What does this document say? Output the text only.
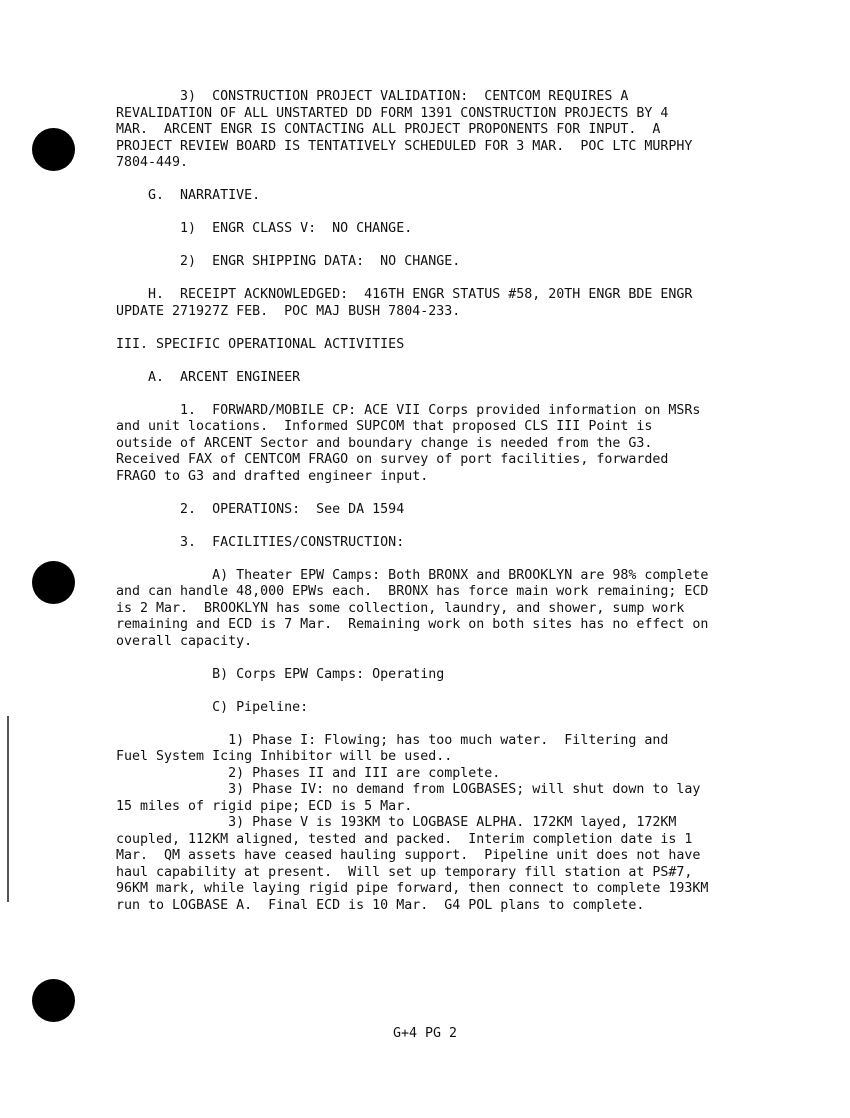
3)  CONSTRUCTION PROJECT VALIDATION:  CENTCOM REQUIRES A
REVALIDATION OF ALL UNSTARTED DD FORM 1391 CONSTRUCTION PROJECTS BY 4
MAR.  ARCENT ENGR IS CONTACTING ALL PROJECT PROPONENTS FOR INPUT.  A
PROJECT REVIEW BOARD IS TENTATIVELY SCHEDULED FOR 3 MAR.  POC LTC MURPHY
7804-449.
G.  NARRATIVE.
1)  ENGR CLASS V:  NO CHANGE.
2)  ENGR SHIPPING DATA:  NO CHANGE.
H.  RECEIPT ACKNOWLEDGED:  416TH ENGR STATUS #58, 20TH ENGR BDE ENGR
UPDATE 271927Z FEB.  POC MAJ BUSH 7804-233.
III. SPECIFIC OPERATIONAL ACTIVITIES
A.  ARCENT ENGINEER
1.  FORWARD/MOBILE CP: ACE VII Corps provided information on MSRs
and unit locations.  Informed SUPCOM that proposed CLS III Point is
outside of ARCENT Sector and boundary change is needed from the G3.
Received FAX of CENTCOM FRAGO on survey of port facilities, forwarded
FRAGO to G3 and drafted engineer input.
2.  OPERATIONS:  See DA 1594
3.  FACILITIES/CONSTRUCTION:
A) Theater EPW Camps: Both BRONX and BROOKLYN are 98% complete
and can handle 48,000 EPWs each.  BRONX has force main work remaining; ECD
is 2 Mar.  BROOKLYN has some collection, laundry, and shower, sump work
remaining and ECD is 7 Mar.  Remaining work on both sites has no effect on
overall capacity.
B) Corps EPW Camps: Operating
C) Pipeline:
1) Phase I: Flowing; has too much water.  Filtering and
Fuel System Icing Inhibitor will be used..
2) Phases II and III are complete.
3) Phase IV: no demand from LOGBASES; will shut down to lay
15 miles of rigid pipe; ECD is 5 Mar.
3) Phase V is 193KM to LOGBASE ALPHA. 172KM layed, 172KM
coupled, 112KM aligned, tested and packed.  Interim completion date is 1
Mar.  QM assets have ceased hauling support.  Pipeline unit does not have
haul capability at present.  Will set up temporary fill station at PS#7,
96KM mark, while laying rigid pipe forward, then connect to complete 193KM
run to LOGBASE A.  Final ECD is 10 Mar.  G4 POL plans to complete.
G+4 PG 2
